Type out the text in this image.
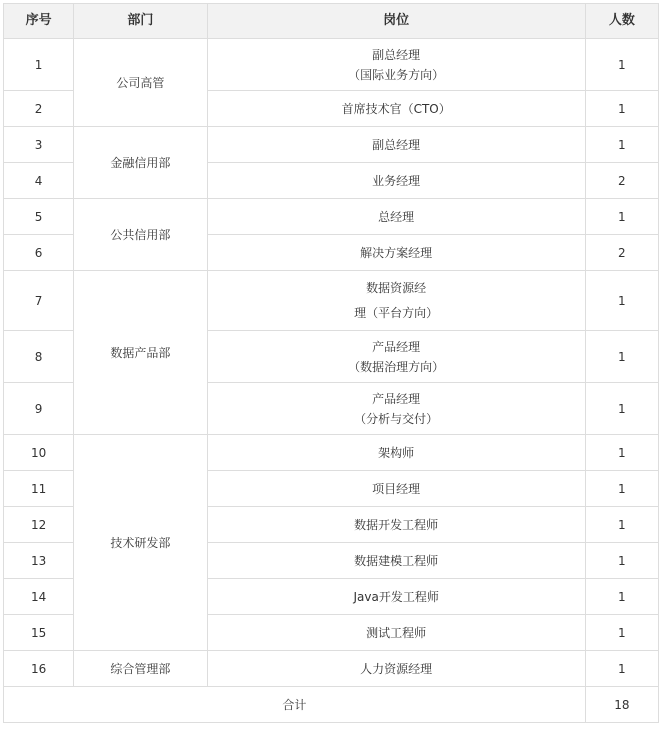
序号	部门	岗位	人数
1	公司高管	副总经理
（国际业务方向）	1
2		首席技术官（CTO）	1
3	金融信用部	副总经理	1
4		业务经理	2
5	公共信用部	总经理	1
6		解决方案经理	2
7	数据产品部	数据资源经
理（平台方向）	1
8		产品经理
（数据治理方向）	1
9		产品经理
（分析与交付）	1
10	技术研发部	架构师	1
11		项目经理	1
12		数据开发工程师	1
13		数据建模工程师	1
14		Java开发工程师	1
15		测试工程师	1
16	综合管理部	人力资源经理	1
合计			18
